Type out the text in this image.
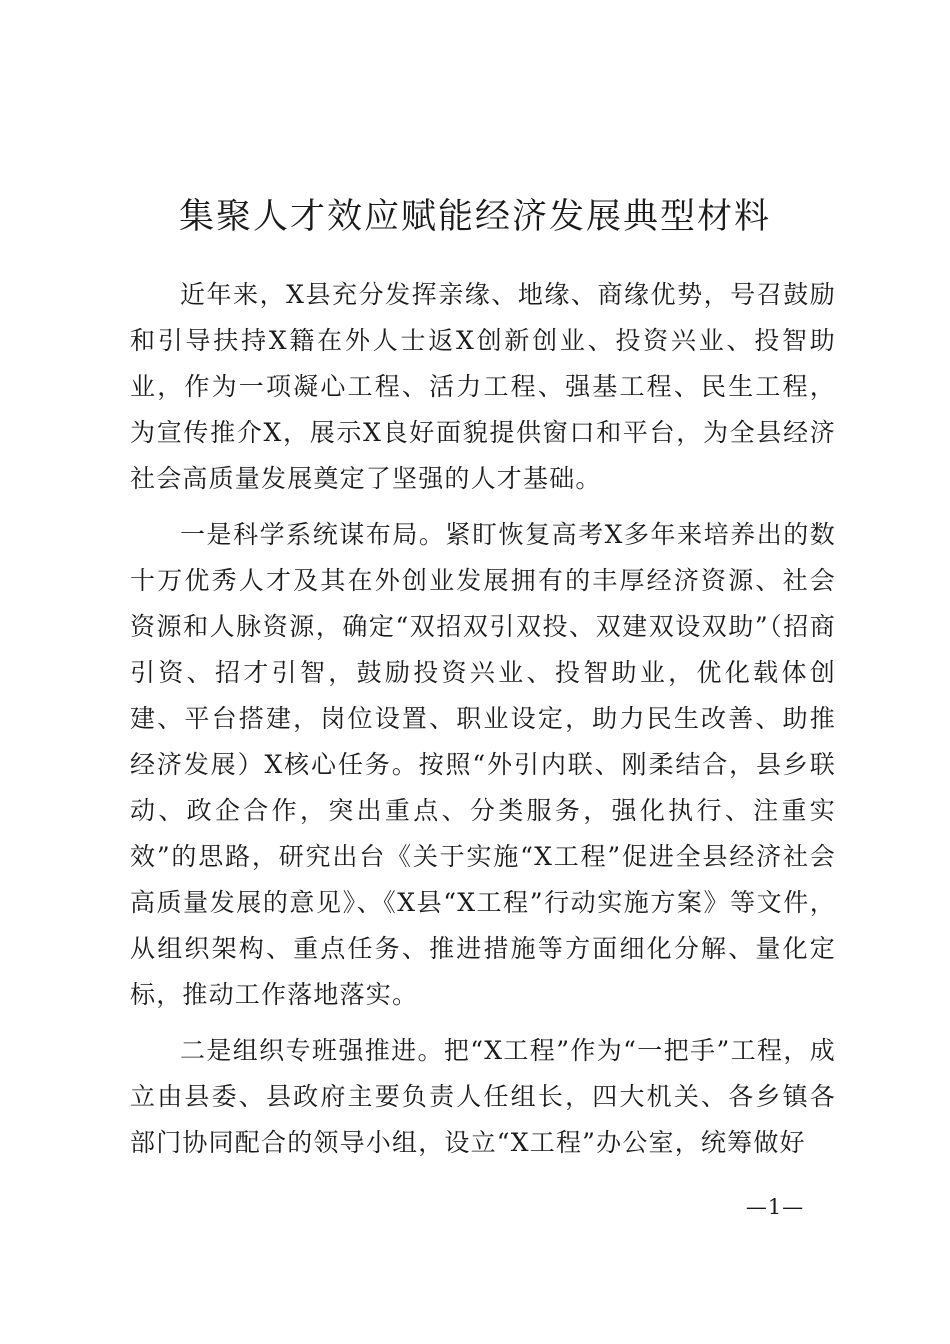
集聚人才效应赋能经济发展典型材料

近年来，X县充分发挥亲缘、地缘、商缘优势，号召鼓励和引导扶持X籍在外人士返X创新创业、投资兴业、投智助业，作为一项凝心工程、活力工程、强基工程、民生工程，为宣传推介X，展示X良好面貌提供窗口和平台，为全县经济社会高质量发展奠定了坚强的人才基础。

一是科学系统谋布局。紧盯恢复高考X多年来培养出的数十万优秀人才及其在外创业发展拥有的丰厚经济资源、社会资源和人脉资源，确定“双招双引双投、双建双设双助”（招商引资、招才引智，鼓励投资兴业、投智助业，优化载体创建、平台搭建，岗位设置、职业设定，助力民生改善、助推经济发展）X核心任务。按照“外引内联、刚柔结合，县乡联动、政企合作，突出重点、分类服务，强化执行、注重实效”的思路，研究出台《关于实施“X工程”促进全县经济社会高质量发展的意见》、《X县“X工程”行动实施方案》等文件，从组织架构、重点任务、推进措施等方面细化分解、量化定标，推动工作落地落实。

二是组织专班强推进。把“X工程”作为“一把手”工程，成立由县委、县政府主要负责人任组长，四大机关、各乡镇各部门协同配合的领导小组，设立“X工程”办公室，统筹做好

—1—
